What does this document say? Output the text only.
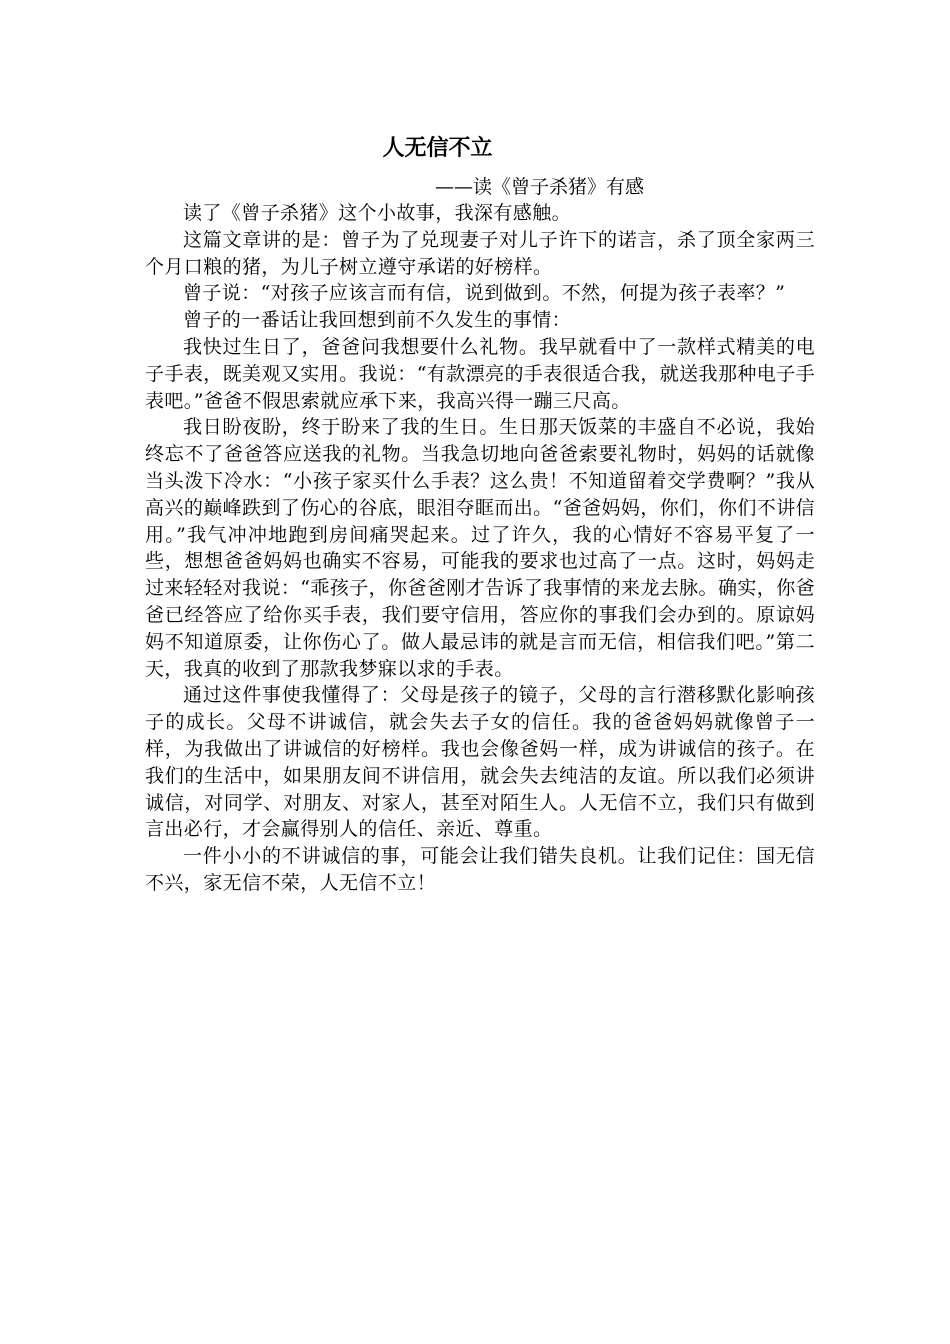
人无信不立
——读《曾子杀猪》有感

读了《曾子杀猪》这个小故事，我深有感触。

这篇文章讲的是：曾子为了兑现妻子对儿子许下的诺言，杀了顶全家两三个月口粮的猪，为儿子树立遵守承诺的好榜样。

曾子说：“对孩子应该言而有信，说到做到。不然，何提为孩子表率？”

曾子的一番话让我回想到前不久发生的事情：

我快过生日了，爸爸问我想要什么礼物。我早就看中了一款样式精美的电子手表，既美观又实用。我说：“有款漂亮的手表很适合我，就送我那种电子手表吧。”爸爸不假思索就应承下来，我高兴得一蹦三尺高。

我日盼夜盼，终于盼来了我的生日。生日那天饭菜的丰盛自不必说，我始终忘不了爸爸答应送我的礼物。当我急切地向爸爸索要礼物时，妈妈的话就像当头泼下冷水：“小孩子家买什么手表？这么贵！不知道留着交学费啊？”我从高兴的巅峰跌到了伤心的谷底，眼泪夺眶而出。“爸爸妈妈，你们，你们不讲信用。”我气冲冲地跑到房间痛哭起来。过了许久，我的心情好不容易平复了一些，想想爸爸妈妈也确实不容易，可能我的要求也过高了一点。这时，妈妈走过来轻轻对我说：“乖孩子，你爸爸刚才告诉了我事情的来龙去脉。确实，你爸爸已经答应了给你买手表，我们要守信用，答应你的事我们会办到的。原谅妈妈不知道原委，让你伤心了。做人最忌讳的就是言而无信，相信我们吧。”第二天，我真的收到了那款我梦寐以求的手表。

通过这件事使我懂得了：父母是孩子的镜子，父母的言行潜移默化影响孩子的成长。父母不讲诚信，就会失去子女的信任。我的爸爸妈妈就像曾子一样，为我做出了讲诚信的好榜样。我也会像爸妈一样，成为讲诚信的孩子。在我们的生活中，如果朋友间不讲信用，就会失去纯洁的友谊。所以我们必须讲诚信，对同学、对朋友、对家人，甚至对陌生人。人无信不立，我们只有做到言出必行，才会赢得别人的信任、亲近、尊重。

一件小小的不讲诚信的事，可能会让我们错失良机。让我们记住：国无信不兴，家无信不荣，人无信不立！
